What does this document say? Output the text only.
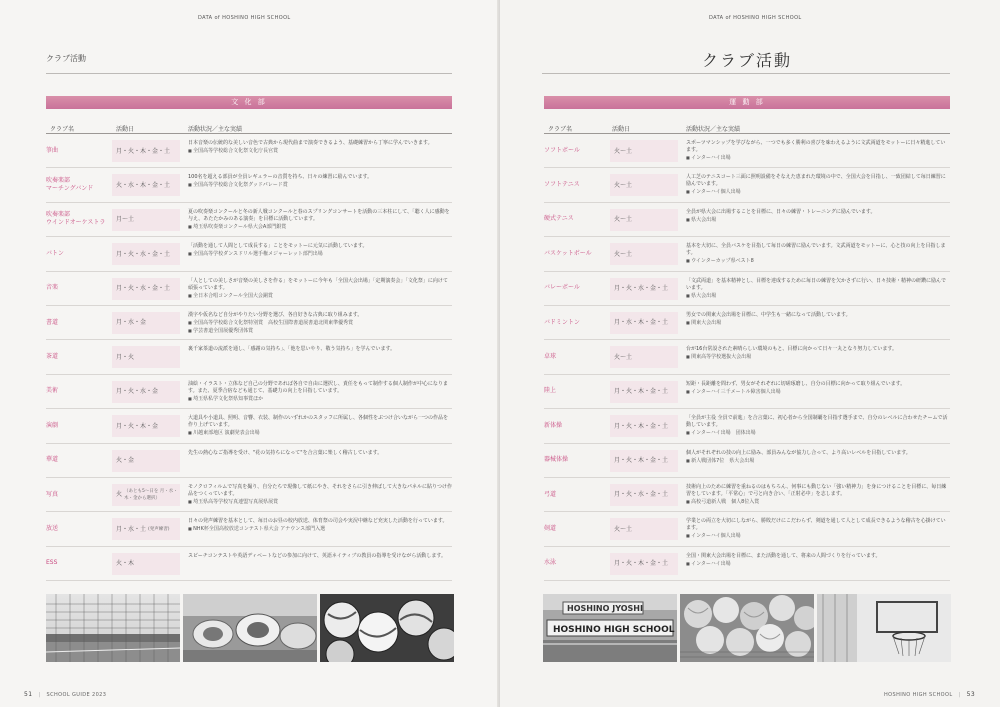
DATA of HOSHINO HIGH SCHOOL
クラブ活動
文 化 部
クラブ名	活動日	活動状況／主な実績
箏曲	月・火・木・金・土
日本音楽の伝統的な美しい音色で古典から現代曲まで演奏できるよう、基礎練習から丁寧に学んでいきます。
■ 全国高等学校総合文化祭文化庁長官賞
吹奏楽部
マーチングバンド	火・水・木・金・土
100名を超える部員が全員レギュラーの音質を持ち、日々の練習に励んでいます。
■ 全国高等学校総合文化祭グッドパレード賞
吹奏楽部
ウインドオーケストラ	月〜土
夏の吹奏楽コンクールと冬の新人戦コンクールと春のスプリングコンサートを活動の三本柱にして、「聴く人に感動を与え、あたたかみのある演奏」を目標に活動しています。
■ 埼玉県吹奏楽コンクール県大会A部門銀賞
バトン	月・火・水・金・土
「活動を通して人間として成長する」ことをモットーに元気に活動しています。
■ 全国高等学校ダンスドリル選手権メジャーレット部門出場
音楽	月・火・水・金・土
「人としての美しさが音楽の美しさを作る」をモットーに今年も「全国大会出場」「定期演奏会」「文化祭」に向けて頑張っています。
■ 全日本合唱コンクール全国大会銅賞
書道	月・水・金
漢字や仮名など自分がやりたい分野を選び、各自好きな古典に取り組みます。
■ 全国高等学校総合文化祭特別賞　高校生国際書道展書道北関東準優秀賞
■ 学芸書道全国展優秀団体賞
茶道	月・火
裏千家茶道の流派を通し、「感謝の気持ち」、「他を思いやり、敬う気持ち」を学んでいます。
美術	月・火・水・金
油絵・イラスト・立体など自己の分野であれば各自で自由に選択し、責任をもって制作する個人制作が中心になります。また、夏季合宿なども通じて、基礎力の向上を目指しています。
■ 埼玉県私学文化祭県知事賞ほか
演劇	月・火・木・金
大道具や小道具、照明、音響、衣装、制作のいずれかのスタッフに所属し、各個性をぶつけ合いながら一つの作品を作り上げています。
■ 川越東部地区 演劇発表会出場
華道	火・金
先生の熱心なご指導を受け、"花の気持ちになって"を合言葉に楽しく稽古しています。
写真	火 （あとも5〜日を 月・水・木・金から選択）
モノクロフィルムで写真を撮り、自分たちで現像して紙にやき、それをさらに引き伸ばして大きなパネルに貼りつけ作品をつくっています。
■ 埼玉県高等学校写真連盟写真展県展賞
放送	月・水・土 (発声練習)
日々の発声練習を基本として、毎日のお昼の校内放送、体育祭の司会や実況中継など充実した活動を行っています。
■ NHK杯全国高校放送コンテスト県大会 アナウンス部門入選
ESS	火・木
スピーチコンテストや英語ディベートなどの参加に向けて、英語ネイティブの教員の指導を受けながら活動します。
51 | SCHOOL GUIDE 2023
DATA of HOSHINO HIGH SCHOOL
クラブ活動
運 動 部
クラブ名	活動日	活動状況／主な実績
ソフトボール	火〜土
スポーツマンシップを学びながら、一つでも多く勝利の喜びを味わえるように文武両道をモットーに日々精進しています。
■ インターハイ出場
ソフトテニス	火〜土
人工芝のテニスコート三面に照明設備をそなえた恵まれた環境の中で、全国大会を目指し、一致団結して毎日練習に励んでいます。
■ インターハイ個人出場
硬式テニス	火〜土
全員が県大会に出場することを目標に、日々の練習・トレーニングに励んでいます。
■ 県大会出場
バスケットボール	火〜土
基本を大切に、全員バスケを目指して毎日の練習に励んでいます。文武両道をモットーに、心と技の向上を目指します。
■ ウインターカップ県ベスト8
バレーボール	月・火・水・金・土
「文武両道」を基本精神とし、目標を達成するために毎日の練習を欠かさずに行い、日々技術・精神の研鑽に励んでいます。
■ 県大会出場
バドミントン	月・水・木・金・土
男女での関東大会出場を目標に、中学生も一緒になって活動しています。
■ 関東大会出場
卓球	火〜土
台が16台常設された素晴らしい環境のもと、目標に向かって日々一丸となり努力しています。
■ 関東高等学校選抜大会出場
陸上	月・火・木・金・土
短距・長距離を問わず、男女がそれぞれに切磋琢磨し、自分の目標に向かって取り組んでいます。
■ インターハイ三千メートル障害個人出場
新体操	月・火・木・金・土
「全員が主役 全員で前進」を合言葉に、初心者から全国制覇を目指す選手まで、自分のレベルに合わせたチームで活動しています。
■ インターハイ出場　団体出場
器械体操	月・火・木・金・土
個人がそれぞれの技の向上に励み、部員みんなが協力し合って、より高いレベルを目指しています。
■ 新人戦団体7位　県大会出場
弓道	月・火・水・金・土
技術向上のために練習を重ねるのはもちろん、何事にも動じない「強い精神力」を身につけることを目標に、毎日練習をしています。「平常心」で弓と向き合い、「正射必中」を志します。
■ 高校弓道新人戦　個人8位入賞
剣道	火〜土
学業との両立を大切にしながら、勝敗だけにこだわらず、剣道を通して人として成長できるような稽古を心掛けています。
■ インターハイ個人出場
水泳	月・火・木・金・土
全国・関東大会出場を目標に、また活動を通して、将来の人間づくりを行っています。
■ インターハイ出場
HOSHINO JYOSHI
HOSHINO HIGH SCHOOL
HOSHINO HIGH SCHOOL | 53
